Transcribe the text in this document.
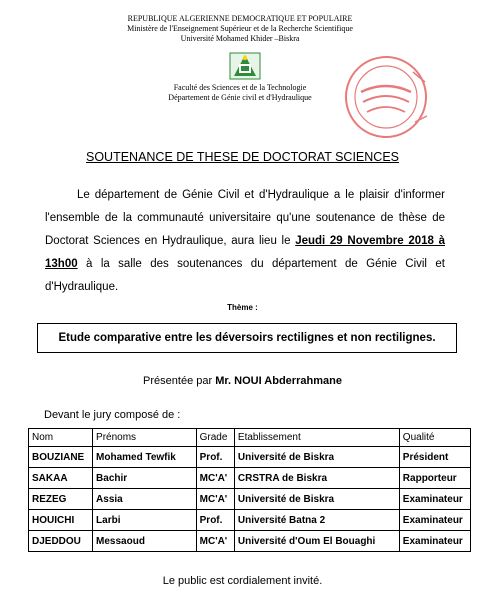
REPUBLIQUE ALGERIENNE DEMOCRATIQUE ET POPULAIRE
Ministère de l'Enseignement Supérieur et de la Recherche Scientifique
Université Mohamed Khider –Biskra
Faculté des Sciences et de la Technologie
Département de Génie civil et d'Hydraulique
SOUTENANCE DE THESE DE DOCTORAT SCIENCES
Le département de Génie Civil et d'Hydraulique a le plaisir d'informer l'ensemble de la communauté universitaire qu'une soutenance de thèse de Doctorat Sciences en Hydraulique, aura lieu le Jeudi 29 Novembre 2018 à 13h00 à la salle des soutenances du département de Génie Civil et d'Hydraulique.
Thème :
Etude comparative entre les déversoirs rectilignes et non rectilignes.
Présentée par Mr. NOUI Abderrahmane
Devant le jury composé de :
Nom	Prénoms	Grade	Etablissement	Qualité
BOUZIANE	Mohamed Tewfik	Prof.	Université de Biskra	Président
SAKAA	Bachir	MC'A'	CRSTRA de Biskra	Rapporteur
REZEG	Assia	MC'A'	Université de Biskra	Examinateur
HOUICHI	Larbi	Prof.	Université Batna 2	Examinateur
DJEDDOU	Messaoud	MC'A'	Université d'Oum El Bouaghi	Examinateur
Le public est cordialement invité.
